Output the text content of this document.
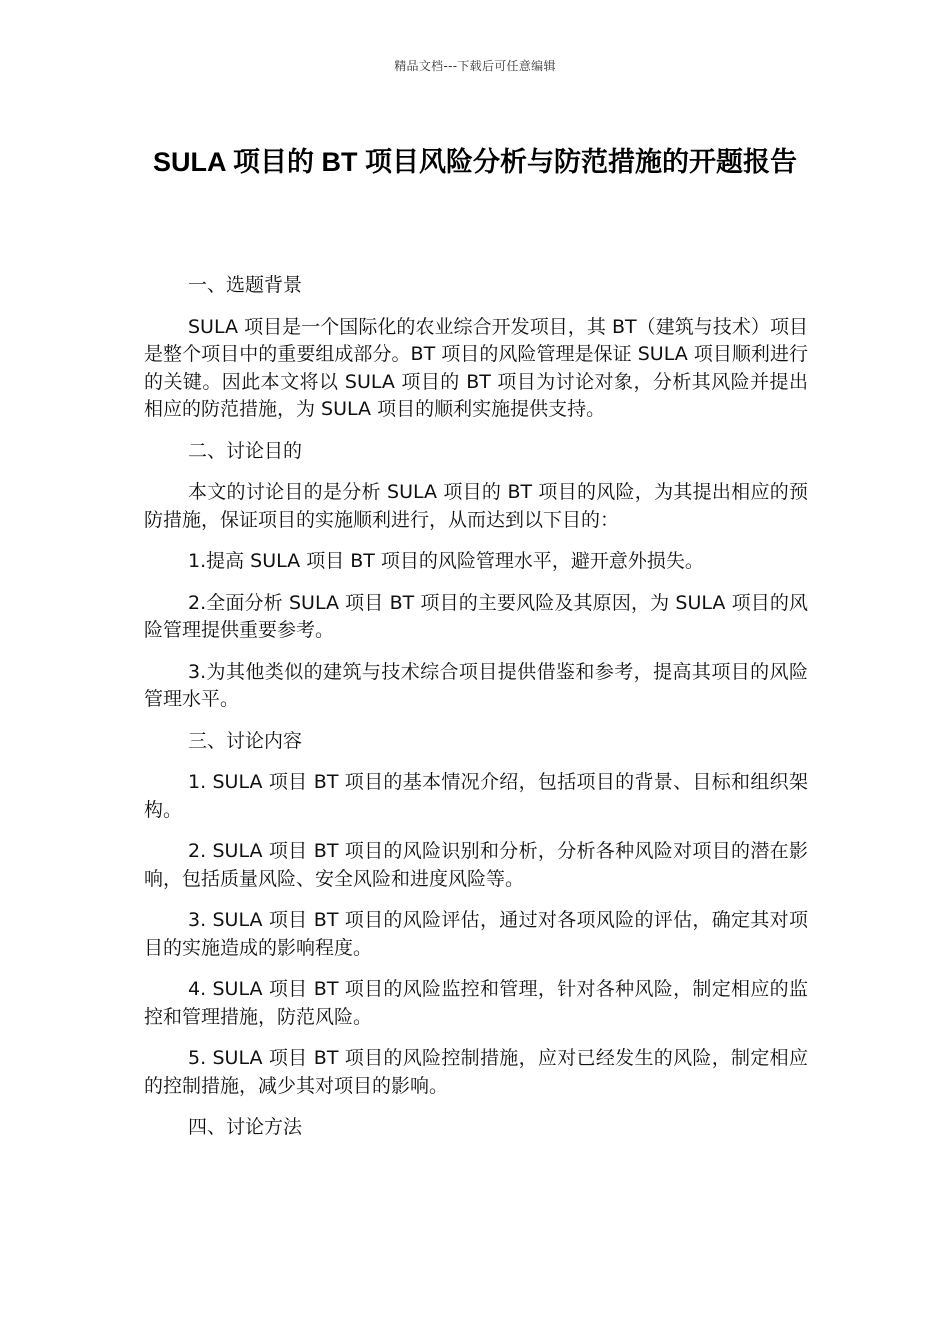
精品文档---下载后可任意编辑
SULA 项目的 BT 项目风险分析与防范措施的开题报告

一、选题背景

SULA 项目是一个国际化的农业综合开发项目，其 BT（建筑与技术）项目是整个项目中的重要组成部分。BT 项目的风险管理是保证 SULA 项目顺利进行的关键。因此本文将以 SULA 项目的 BT 项目为讨论对象，分析其风险并提出相应的防范措施，为 SULA 项目的顺利实施提供支持。

二、讨论目的

本文的讨论目的是分析 SULA 项目的 BT 项目的风险，为其提出相应的预防措施，保证项目的实施顺利进行，从而达到以下目的：

1.提高 SULA 项目 BT 项目的风险管理水平，避开意外损失。

2.全面分析 SULA 项目 BT 项目的主要风险及其原因，为 SULA 项目的风险管理提供重要参考。

3.为其他类似的建筑与技术综合项目提供借鉴和参考，提高其项目的风险管理水平。

三、讨论内容

1. SULA 项目 BT 项目的基本情况介绍，包括项目的背景、目标和组织架构。

2. SULA 项目 BT 项目的风险识别和分析，分析各种风险对项目的潜在影响，包括质量风险、安全风险和进度风险等。

3. SULA 项目 BT 项目的风险评估，通过对各项风险的评估，确定其对项目的实施造成的影响程度。

4. SULA 项目 BT 项目的风险监控和管理，针对各种风险，制定相应的监控和管理措施，防范风险。

5. SULA 项目 BT 项目的风险控制措施，应对已经发生的风险，制定相应的控制措施，减少其对项目的影响。

四、讨论方法
